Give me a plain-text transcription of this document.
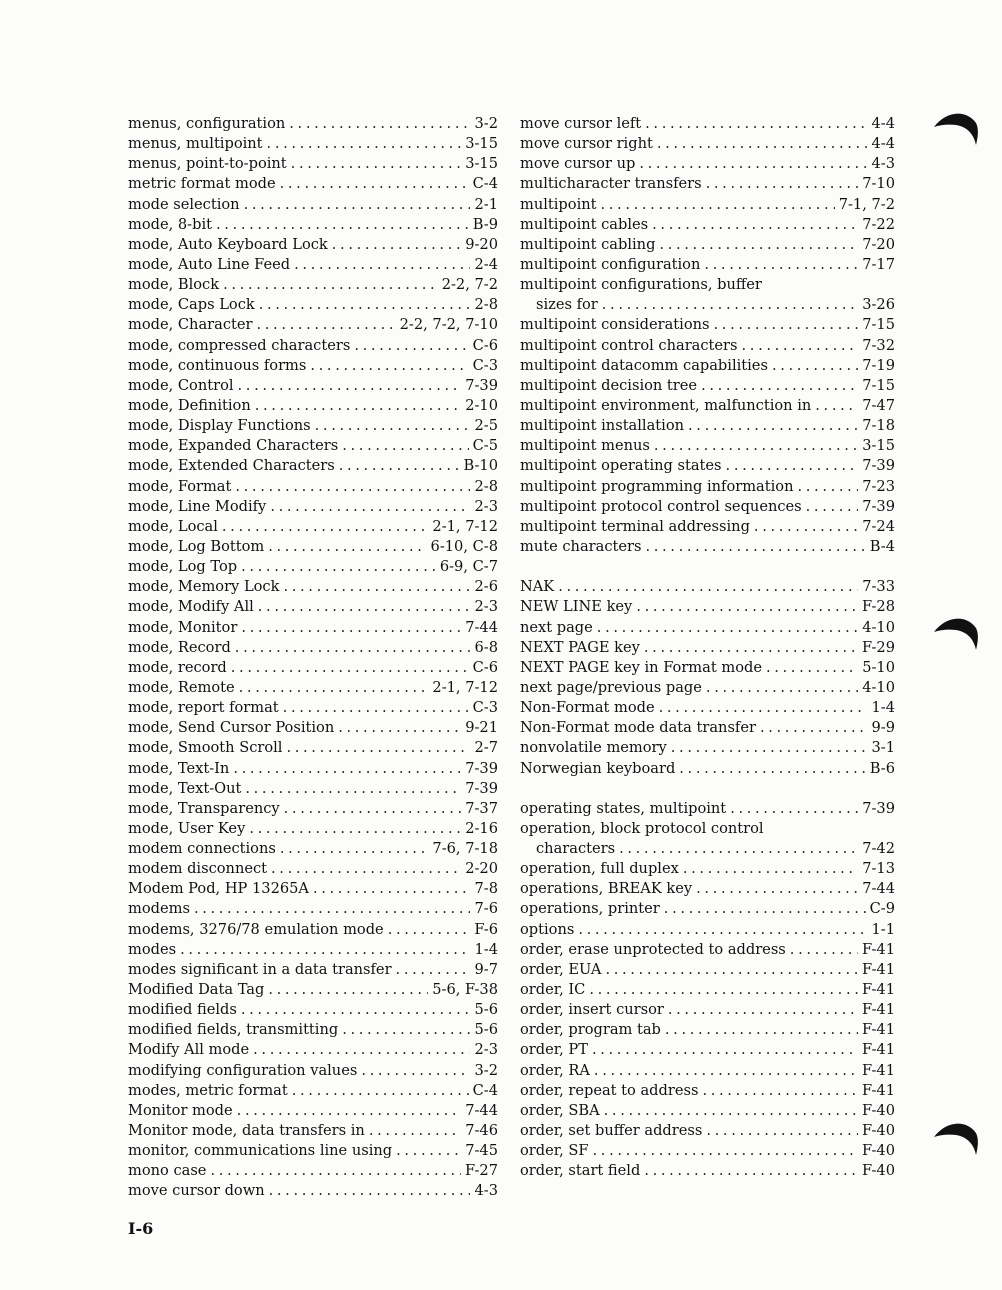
menus, configuration . . .	3-2
menus, multipoint . . .	3-15
menus, point-to-point . . .	3-15
metric format mode . . .	C-4
mode selection . . .	2-1
mode, 8-bit . . .	B-9
mode, Auto Keyboard Lock . . .	9-20
mode, Auto Line Feed . . .	2-4
mode, Block . . .	2-2, 7-2
mode, Caps Lock . . .	2-8
mode, Character . . .	2-2, 7-2, 7-10
mode, compressed characters . . .	C-6
mode, continuous forms . . .	C-3
mode, Control . . .	7-39
mode, Definition . . .	2-10
mode, Display Functions . . .	2-5
mode, Expanded Characters . . .	C-5
mode, Extended Characters . . .	B-10
mode, Format . . .	2-8
mode, Line Modify . . .	2-3
mode, Local . . .	2-1, 7-12
mode, Log Bottom . . .	6-10, C-8
mode, Log Top . . .	6-9, C-7
mode, Memory Lock . . .	2-6
mode, Modify All . . .	2-3
mode, Monitor . . .	7-44
mode, Record . . .	6-8
mode, record . . .	C-6
mode, Remote . . .	2-1, 7-12
mode, report format . . .	C-3
mode, Send Cursor Position . . .	9-21
mode, Smooth Scroll . . .	2-7
mode, Text-In . . .	7-39
mode, Text-Out . . .	7-39
mode, Transparency . . .	7-37
mode, User Key . . .	2-16
modem connections . . .	7-6, 7-18
modem disconnect . . .	2-20
Modem Pod, HP 13265A . . .	7-8
modems . . .	7-6
modems, 3276/78 emulation mode . . .	F-6
modes . . .	1-4
modes significant in a data transfer . . .	9-7
Modified Data Tag . . .	5-6, F-38
modified fields . . .	5-6
modified fields, transmitting . . .	5-6
Modify All mode . . .	2-3
modifying configuration values . . .	3-2
modes, metric format . . .	C-4
Monitor mode . . .	7-44
Monitor mode, data transfers in . . .	7-46
monitor, communications line using . . .	7-45
mono case . . .	F-27
move cursor down . . .	4-3
move cursor left . . .	4-4
move cursor right . . .	4-4
move cursor up . . .	4-3
multicharacter transfers . . .	7-10
multipoint . . .	7-1, 7-2
multipoint cables . . .	7-22
multipoint cabling . . .	7-20
multipoint configuration . . .	7-17
multipoint configurations, buffer
sizes for . . .	3-26
multipoint considerations . . .	7-15
multipoint control characters . . .	7-32
multipoint datacomm capabilities . . .	7-19
multipoint decision tree . . .	7-15
multipoint environment, malfunction in . . .	7-47
multipoint installation . . .	7-18
multipoint menus . . .	3-15
multipoint operating states . . .	7-39
multipoint programming information . . .	7-23
multipoint protocol control sequences . . .	7-39
multipoint terminal addressing . . .	7-24
mute characters . . .	B-4
NAK . . .	7-33
NEW LINE key . . .	F-28
next page . . .	4-10
NEXT PAGE key . . .	F-29
NEXT PAGE key in Format mode . . .	5-10
next page/previous page . . .	4-10
Non-Format mode . . .	1-4
Non-Format mode data transfer . . .	9-9
nonvolatile memory . . .	3-1
Norwegian keyboard . . .	B-6
operating states, multipoint . . .	7-39
operation, block protocol control
characters . . .	7-42
operation, full duplex . . .	7-13
operations, BREAK key . . .	7-44
operations, printer . . .	C-9
options . . .	1-1
order, erase unprotected to address . . .	F-41
order, EUA . . .	F-41
order, IC . . .	F-41
order, insert cursor . . .	F-41
order, program tab . . .	F-41
order, PT . . .	F-41
order, RA . . .	F-41
order, repeat to address . . .	F-41
order, SBA . . .	F-40
order, set buffer address . . .	F-40
order, SF . . .	F-40
order, start field . . .	F-40
I-6
